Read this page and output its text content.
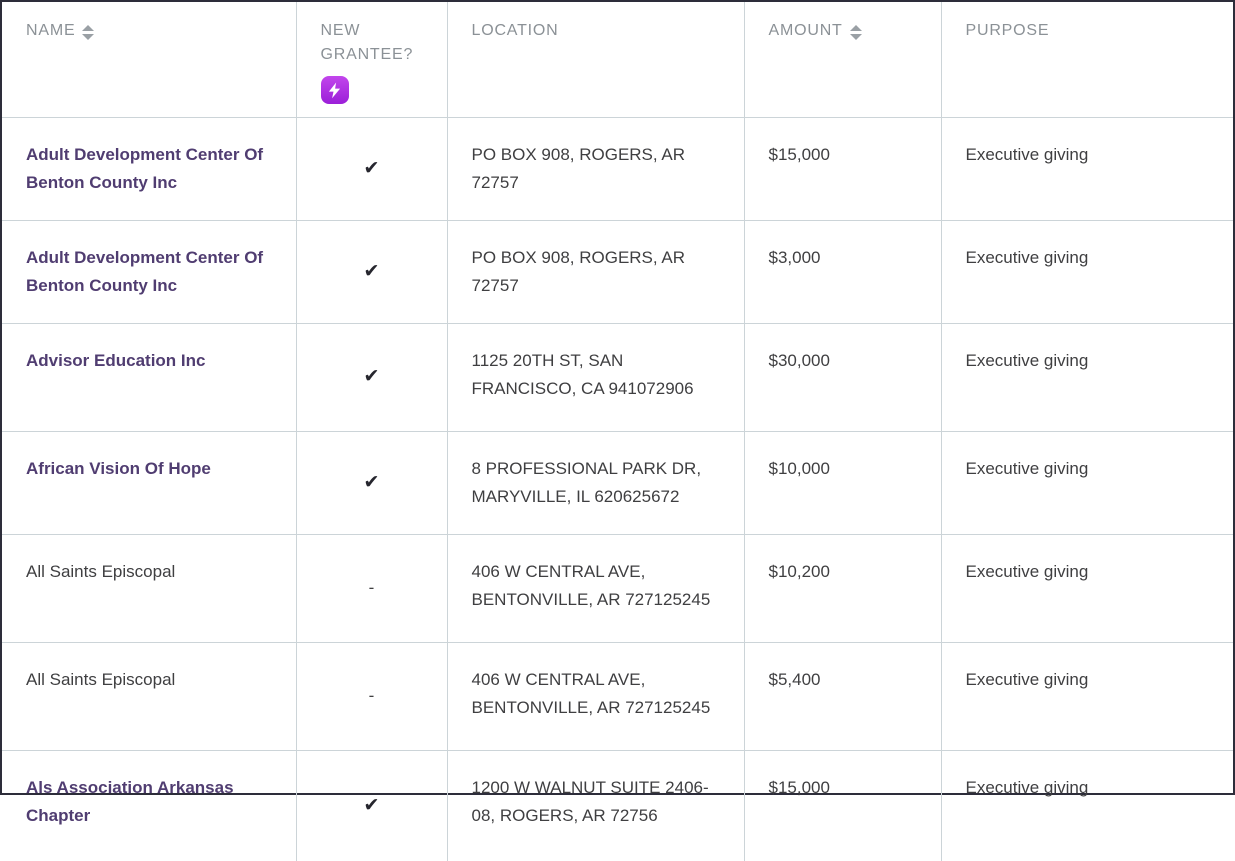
NAME	NEW GRANTEE?	LOCATION	AMOUNT	PURPOSE

Adult Development Center Of Benton County Inc	✔	PO BOX 908, ROGERS, AR 72757	$15,000	Executive giving
Adult Development Center Of Benton County Inc	✔	PO BOX 908, ROGERS, AR 72757	$3,000	Executive giving
Advisor Education Inc	✔	1125 20TH ST, SAN FRANCISCO, CA 941072906	$30,000	Executive giving
African Vision Of Hope	✔	8 PROFESSIONAL PARK DR, MARYVILLE, IL 620625672	$10,000	Executive giving
All Saints Episcopal	-	406 W CENTRAL AVE, BENTONVILLE, AR 727125245	$10,200	Executive giving
All Saints Episcopal	-	406 W CENTRAL AVE, BENTONVILLE, AR 727125245	$5,400	Executive giving
Als Association Arkansas Chapter	✔	1200 W WALNUT SUITE 2406-08, ROGERS, AR 72756	$15,000	Executive giving
